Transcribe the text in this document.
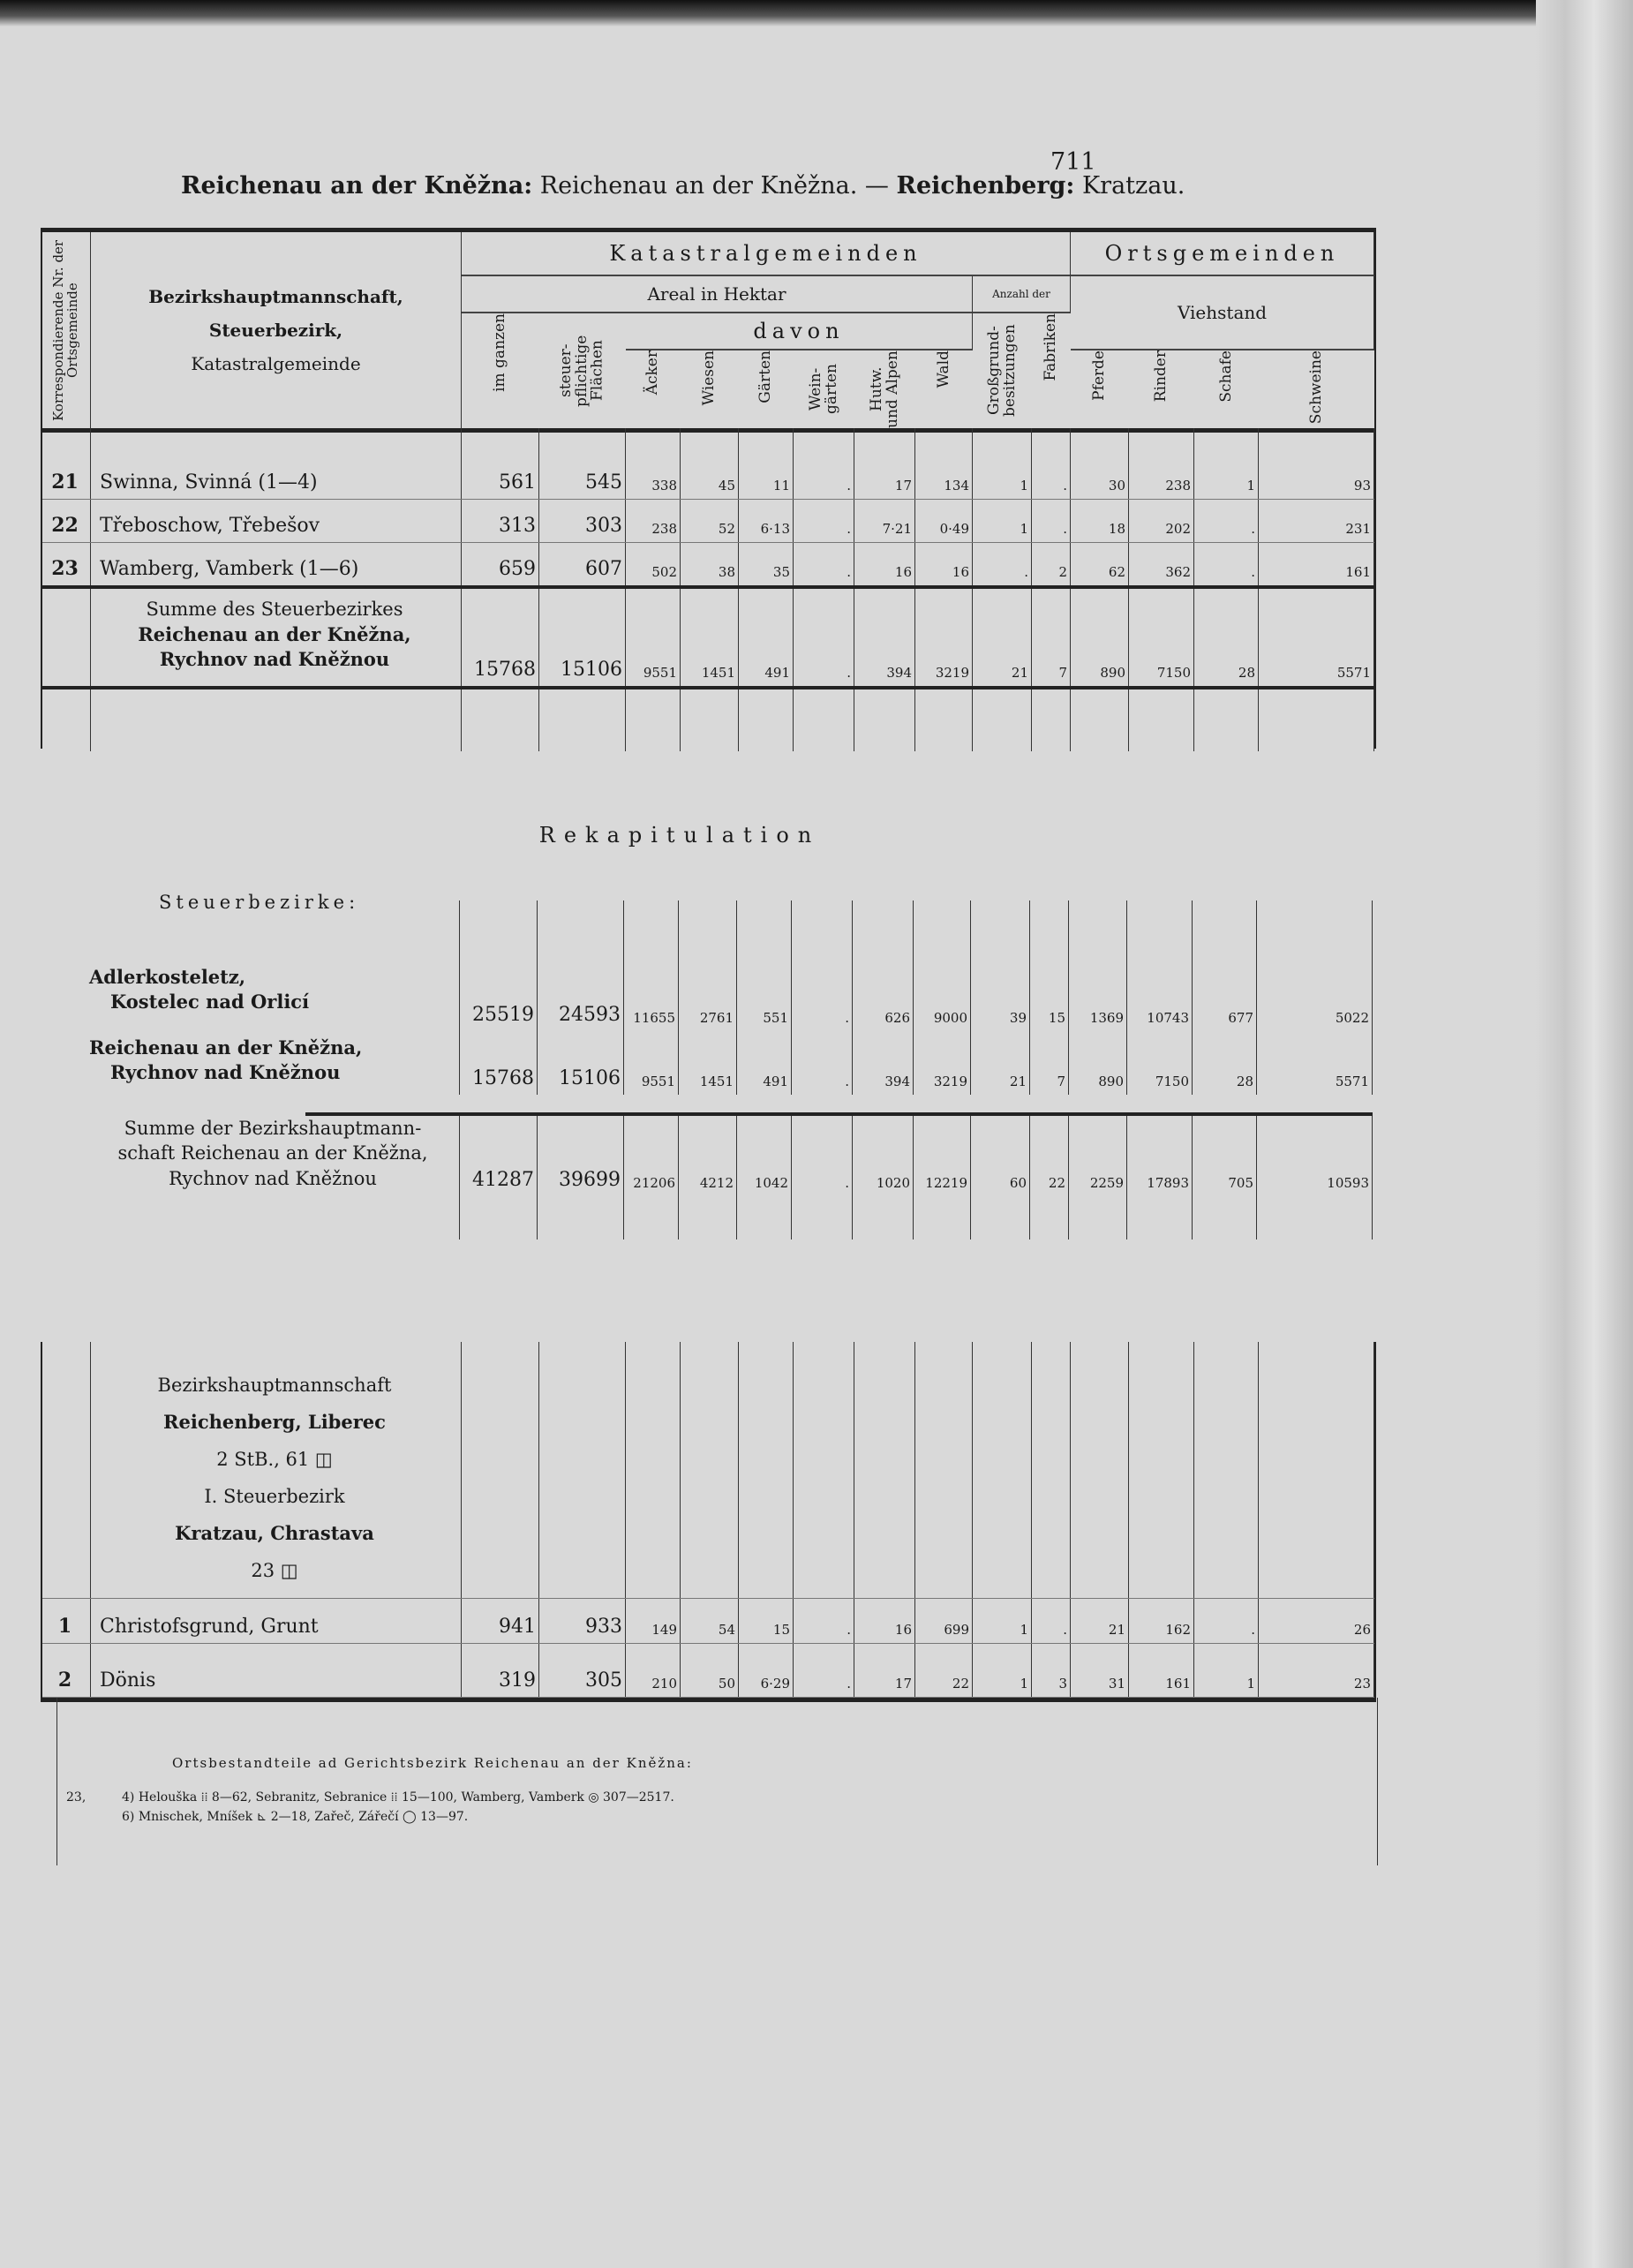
Reichenau an der Kněžna: Reichenau an der Kněžna. — Reichenberg: Kratzau.
711
Korrespondierende Nr. der Ortsgemeinde	Bezirkshauptmannschaft,
Steuerbezirk,
Katastralgemeinde
Katastralgemeinden	Ortsgemeinden
Areal in Hektar	Anzahl der
Viehstand
davon
im ganzen	steuer-pflichtige Flächen	Äcker	Wiesen	Gärten	Wein-gärten	Hutw. und Alpen	Wald	Großgrund-besitzungen	Fabriken	Pferde	Rinder	Schafe	Schweine
21	Swinna, Svinná (1—4)	561	545	338	45	11	.	17	134	1	.	30	238	1	93
22	Třeboschow, Třebešov	313	303	238	52	6·13	.	7·21	0·49	1	.	18	202	.	231
23	Wamberg, Vamberk (1—6)	659	607	502	38	35	.	16	16	.	2	62	362	.	161
Summe des Steuerbezirkes
Reichenau an der Kněžna,
Rychnov nad Kněžnou	15768	15106	9551	1451	491	.	394	3219	21	7	890	7150	28	5571
Rekapitulation
Steuerbezirke:
Adlerkosteletz,
Kostelec nad Orlicí
25519	24593 11655	2761	551	.	626	9000	39	15	1369	10743	677	5022
Reichenau an der Kněžna,
Rychnov nad Kněžnou	15768	15106	9551	1451	491	.	394	3219	21	7	890	7150	28	5571
Summe der Bezirkshauptmann-
schaft Reichenau an der Kněžna,
Rychnov nad Kněžnou	41287	39699 21206	4212	1042	.	1020	12219	60	22	2259	17893	705	10593
Bezirkshauptmannschaft
Reichenberg, Liberec
2 StB., 61 ◫
I. Steuerbezirk
Kratzau, Chrastava
23 ◫
1	Christofsgrund, Grunt	941	933	149	54	15	.	16	699	1	.	21	162	.	26
2	Dönis	319	305	210	50	6·29	.	17	22	1	3	31	161	1	23
Ortsbestandteile ad Gerichtsbezirk Reichenau an der Kněžna:
23,	4) Helouška ⁞⁞ 8—62, Sebranitz, Sebranice ⁞⁞ 15—100, Wamberg, Vamberk ◎ 307—2517.
6) Mnischek, Mníšek ⊾ 2—18, Zařeč, Zářečí ◯ 13—97.
